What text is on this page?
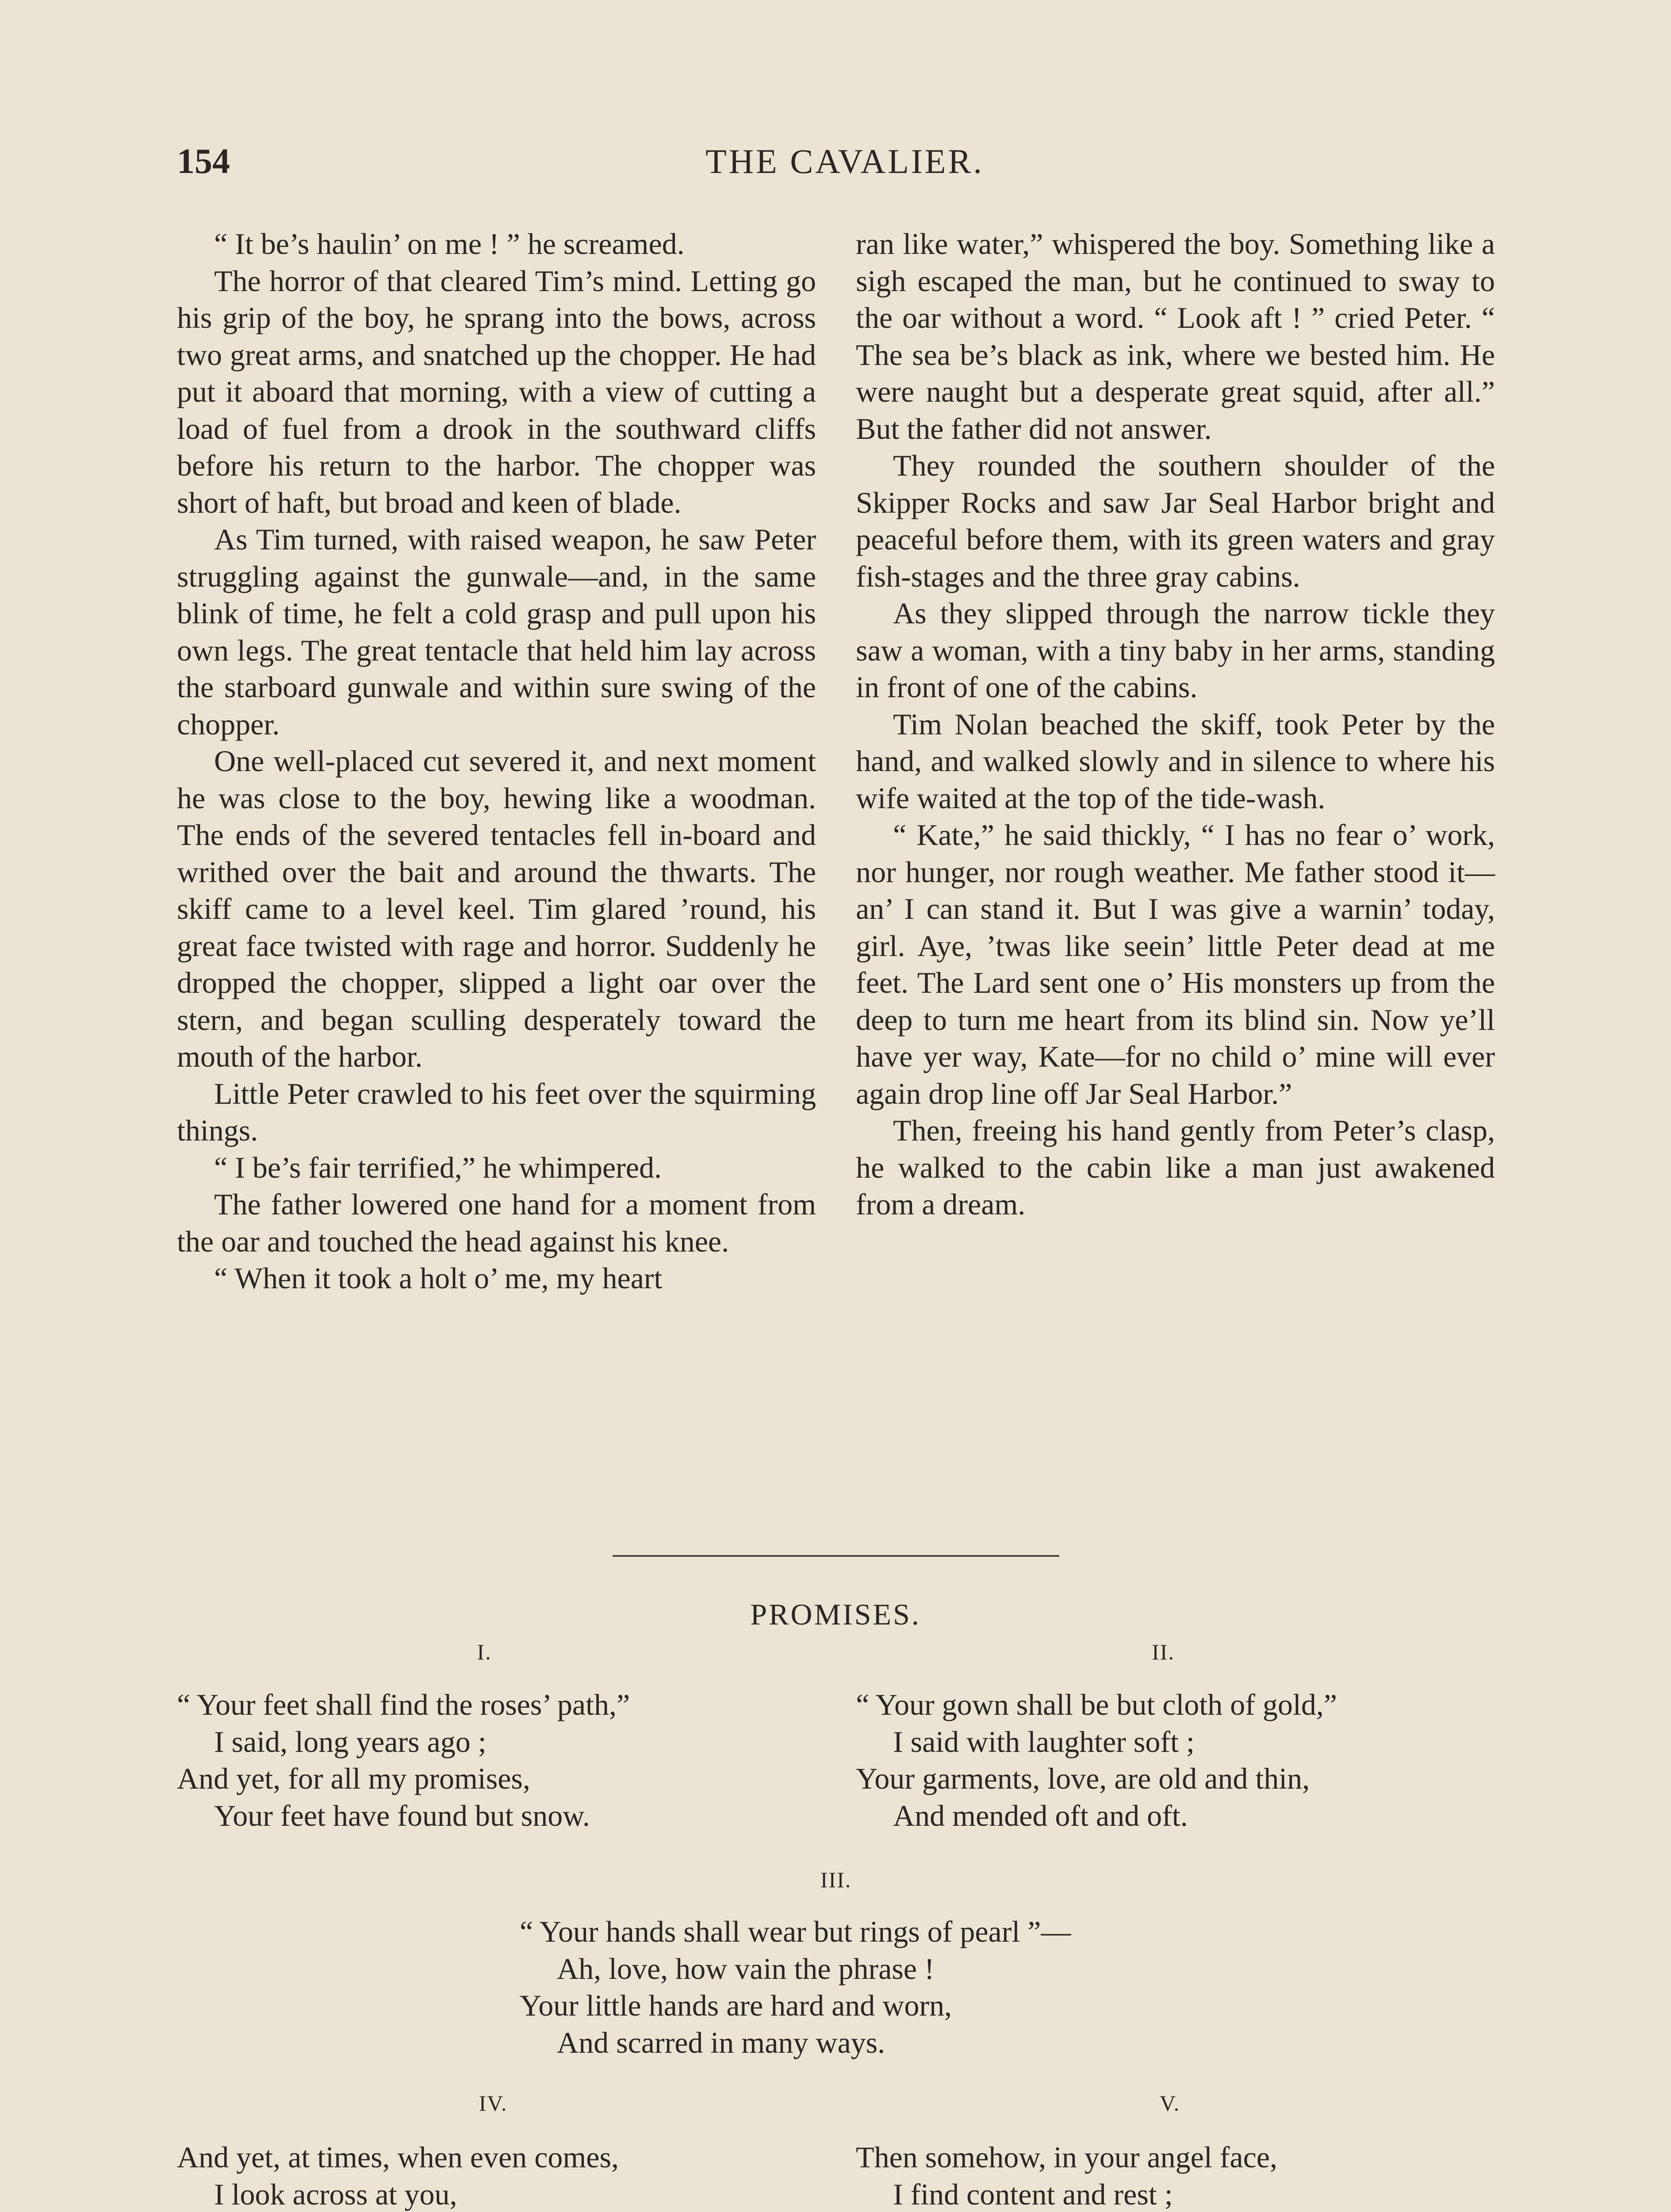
154	THE CAVALIER.

“ It be’s haulin’ on me ! ” he screamed.

The horror of that cleared Tim’s mind. Letting go his grip of the boy, he sprang into the bows, across two great arms, and snatched up the chopper. He had put it aboard that morning, with a view of cutting a load of fuel from a drook in the southward cliffs before his return to the harbor. The chopper was short of haft, but broad and keen of blade.

As Tim turned, with raised weapon, he saw Peter struggling against the gunwale—and, in the same blink of time, he felt a cold grasp and pull upon his own legs. The great tentacle that held him lay across the starboard gunwale and within sure swing of the chopper.

One well-placed cut severed it, and next moment he was close to the boy, hewing like a woodman. The ends of the severed tentacles fell in-board and writhed over the bait and around the thwarts. The skiff came to a level keel. Tim glared ’round, his great face twisted with rage and horror. Suddenly he dropped the chopper, slipped a light oar over the stern, and began sculling desperately toward the mouth of the harbor.

Little Peter crawled to his feet over the squirming things.

“ I be’s fair terrified,” he whimpered.

The father lowered one hand for a moment from the oar and touched the head against his knee.

“ When it took a holt o’ me, my heart

ran like water,” whispered the boy. Something like a sigh escaped the man, but he continued to sway to the oar without a word. “ Look aft ! ” cried Peter. “ The sea be’s black as ink, where we bested him. He were naught but a desperate great squid, after all.” But the father did not answer.

They rounded the southern shoulder of the Skipper Rocks and saw Jar Seal Harbor bright and peaceful before them, with its green waters and gray fish-stages and the three gray cabins.

As they slipped through the narrow tickle they saw a woman, with a tiny baby in her arms, standing in front of one of the cabins.

Tim Nolan beached the skiff, took Peter by the hand, and walked slowly and in silence to where his wife waited at the top of the tide-wash.

“ Kate,” he said thickly, “ I has no fear o’ work, nor hunger, nor rough weather. Me father stood it—an’ I can stand it. But I was give a warnin’ today, girl. Aye, ’twas like seein’ little Peter dead at me feet. The Lard sent one o’ His monsters up from the deep to turn me heart from its blind sin. Now ye’ll have yer way, Kate—for no child o’ mine will ever again drop line off Jar Seal Harbor.”

Then, freeing his hand gently from Peter’s clasp, he walked to the cabin like a man just awakened from a dream.

PROMISES.
I.	II.
III.
IV.	V.
“ Your feet shall find the roses’ path,”
I said, long years ago ;
And yet, for all my promises,
Your feet have found but snow.
“ Your gown shall be but cloth of gold,”
I said with laughter soft ;
Your garments, love, are old and thin,
And mended oft and oft.
“ Your hands shall wear but rings of pearl ”—
Ah, love, how vain the phrase !
Your little hands are hard and worn,
And scarred in many ways.
And yet, at times, when even comes,
I look across at you,
Then somehow, in your angel face,
I find content and rest ;
